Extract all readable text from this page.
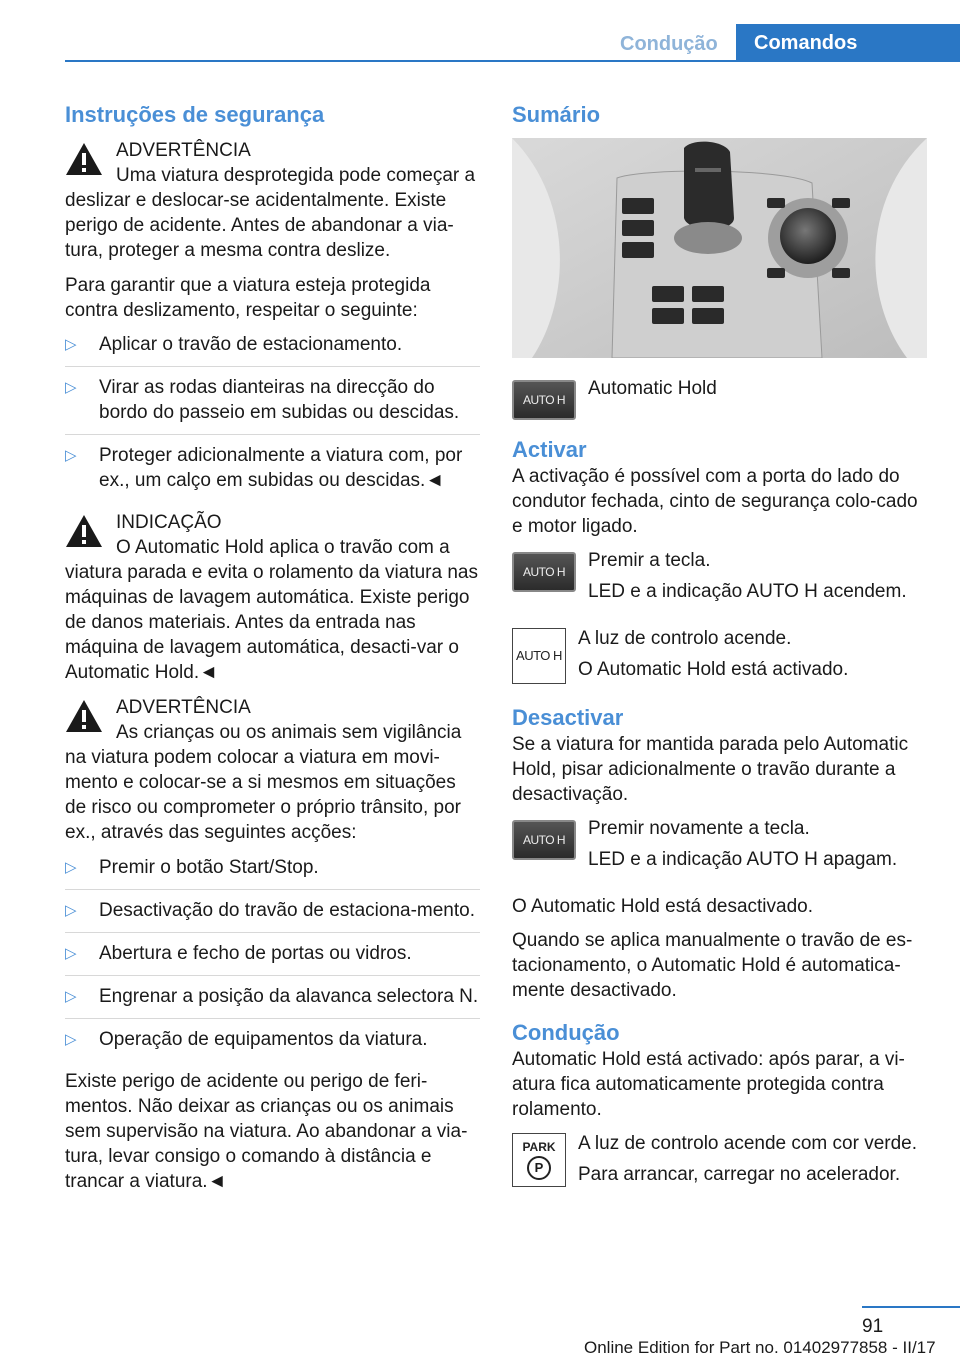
Condução	Comandos
Instruções de segurança
ADVERTÊNCIA
Uma viatura desprotegida pode começar a deslizar e deslocar-se acidentalmente. Existe perigo de acidente. Antes de abandonar a via-tura, proteger a mesma contra deslize.

Para garantir que a viatura esteja protegida contra deslizamento, respeitar o seguinte:

▷ Aplicar o travão de estacionamento.
▷ Virar as rodas dianteiras na direcção do bordo do passeio em subidas ou descidas.
▷ Proteger adicionalmente a viatura com, por ex., um calço em subidas ou descidas.◄
INDICAÇÃO
O Automatic Hold aplica o travão com a viatura parada e evita o rolamento da viatura nas máquinas de lavagem automática. Existe perigo de danos materiais. Antes da entrada nas máquina de lavagem automática, desacti-var o Automatic Hold.◄
ADVERTÊNCIA
As crianças ou os animais sem vigilância na viatura podem colocar a viatura em movi-mento e colocar-se a si mesmos em situações de risco ou comprometer o próprio trânsito, por ex., através das seguintes acções:
▷ Premir o botão Start/Stop.
▷ Desactivação do travão de estaciona-mento.
▷ Abertura e fecho de portas ou vidros.
▷ Engrenar a posição da alavanca selectora N.
▷ Operação de equipamentos da viatura.

Existe perigo de acidente ou perigo de feri-mentos. Não deixar as crianças ou os animais sem supervisão na viatura. Ao abandonar a via-tura, levar consigo o comando à distância e trancar a viatura.◄

Sumário
AUTO H

Automatic Hold

Activar

A activação é possível com a porta do lado do condutor fechada, cinto de segurança colo-cado e motor ligado.

AUTO H

Premir a tecla.

LED e a indicação AUTO H acendem.

AUTO H

A luz de controlo acende.

O Automatic Hold está activado.

Desactivar

Se a viatura for mantida parada pelo Automatic Hold, pisar adicionalmente o travão durante a desactivação.

AUTO H

Premir novamente a tecla.

LED e a indicação AUTO H apagam.

O Automatic Hold está desactivado.

Quando se aplica manualmente o travão de es-tacionamento, o Automatic Hold é automatica-mente desactivado.

Condução

Automatic Hold está activado: após parar, a vi-atura fica automaticamente protegida contra rolamento.

PARK
P

A luz de controlo acende com cor verde.

Para arrancar, carregar no acelerador.

91
Online Edition for Part no. 01402977858 - II/17
